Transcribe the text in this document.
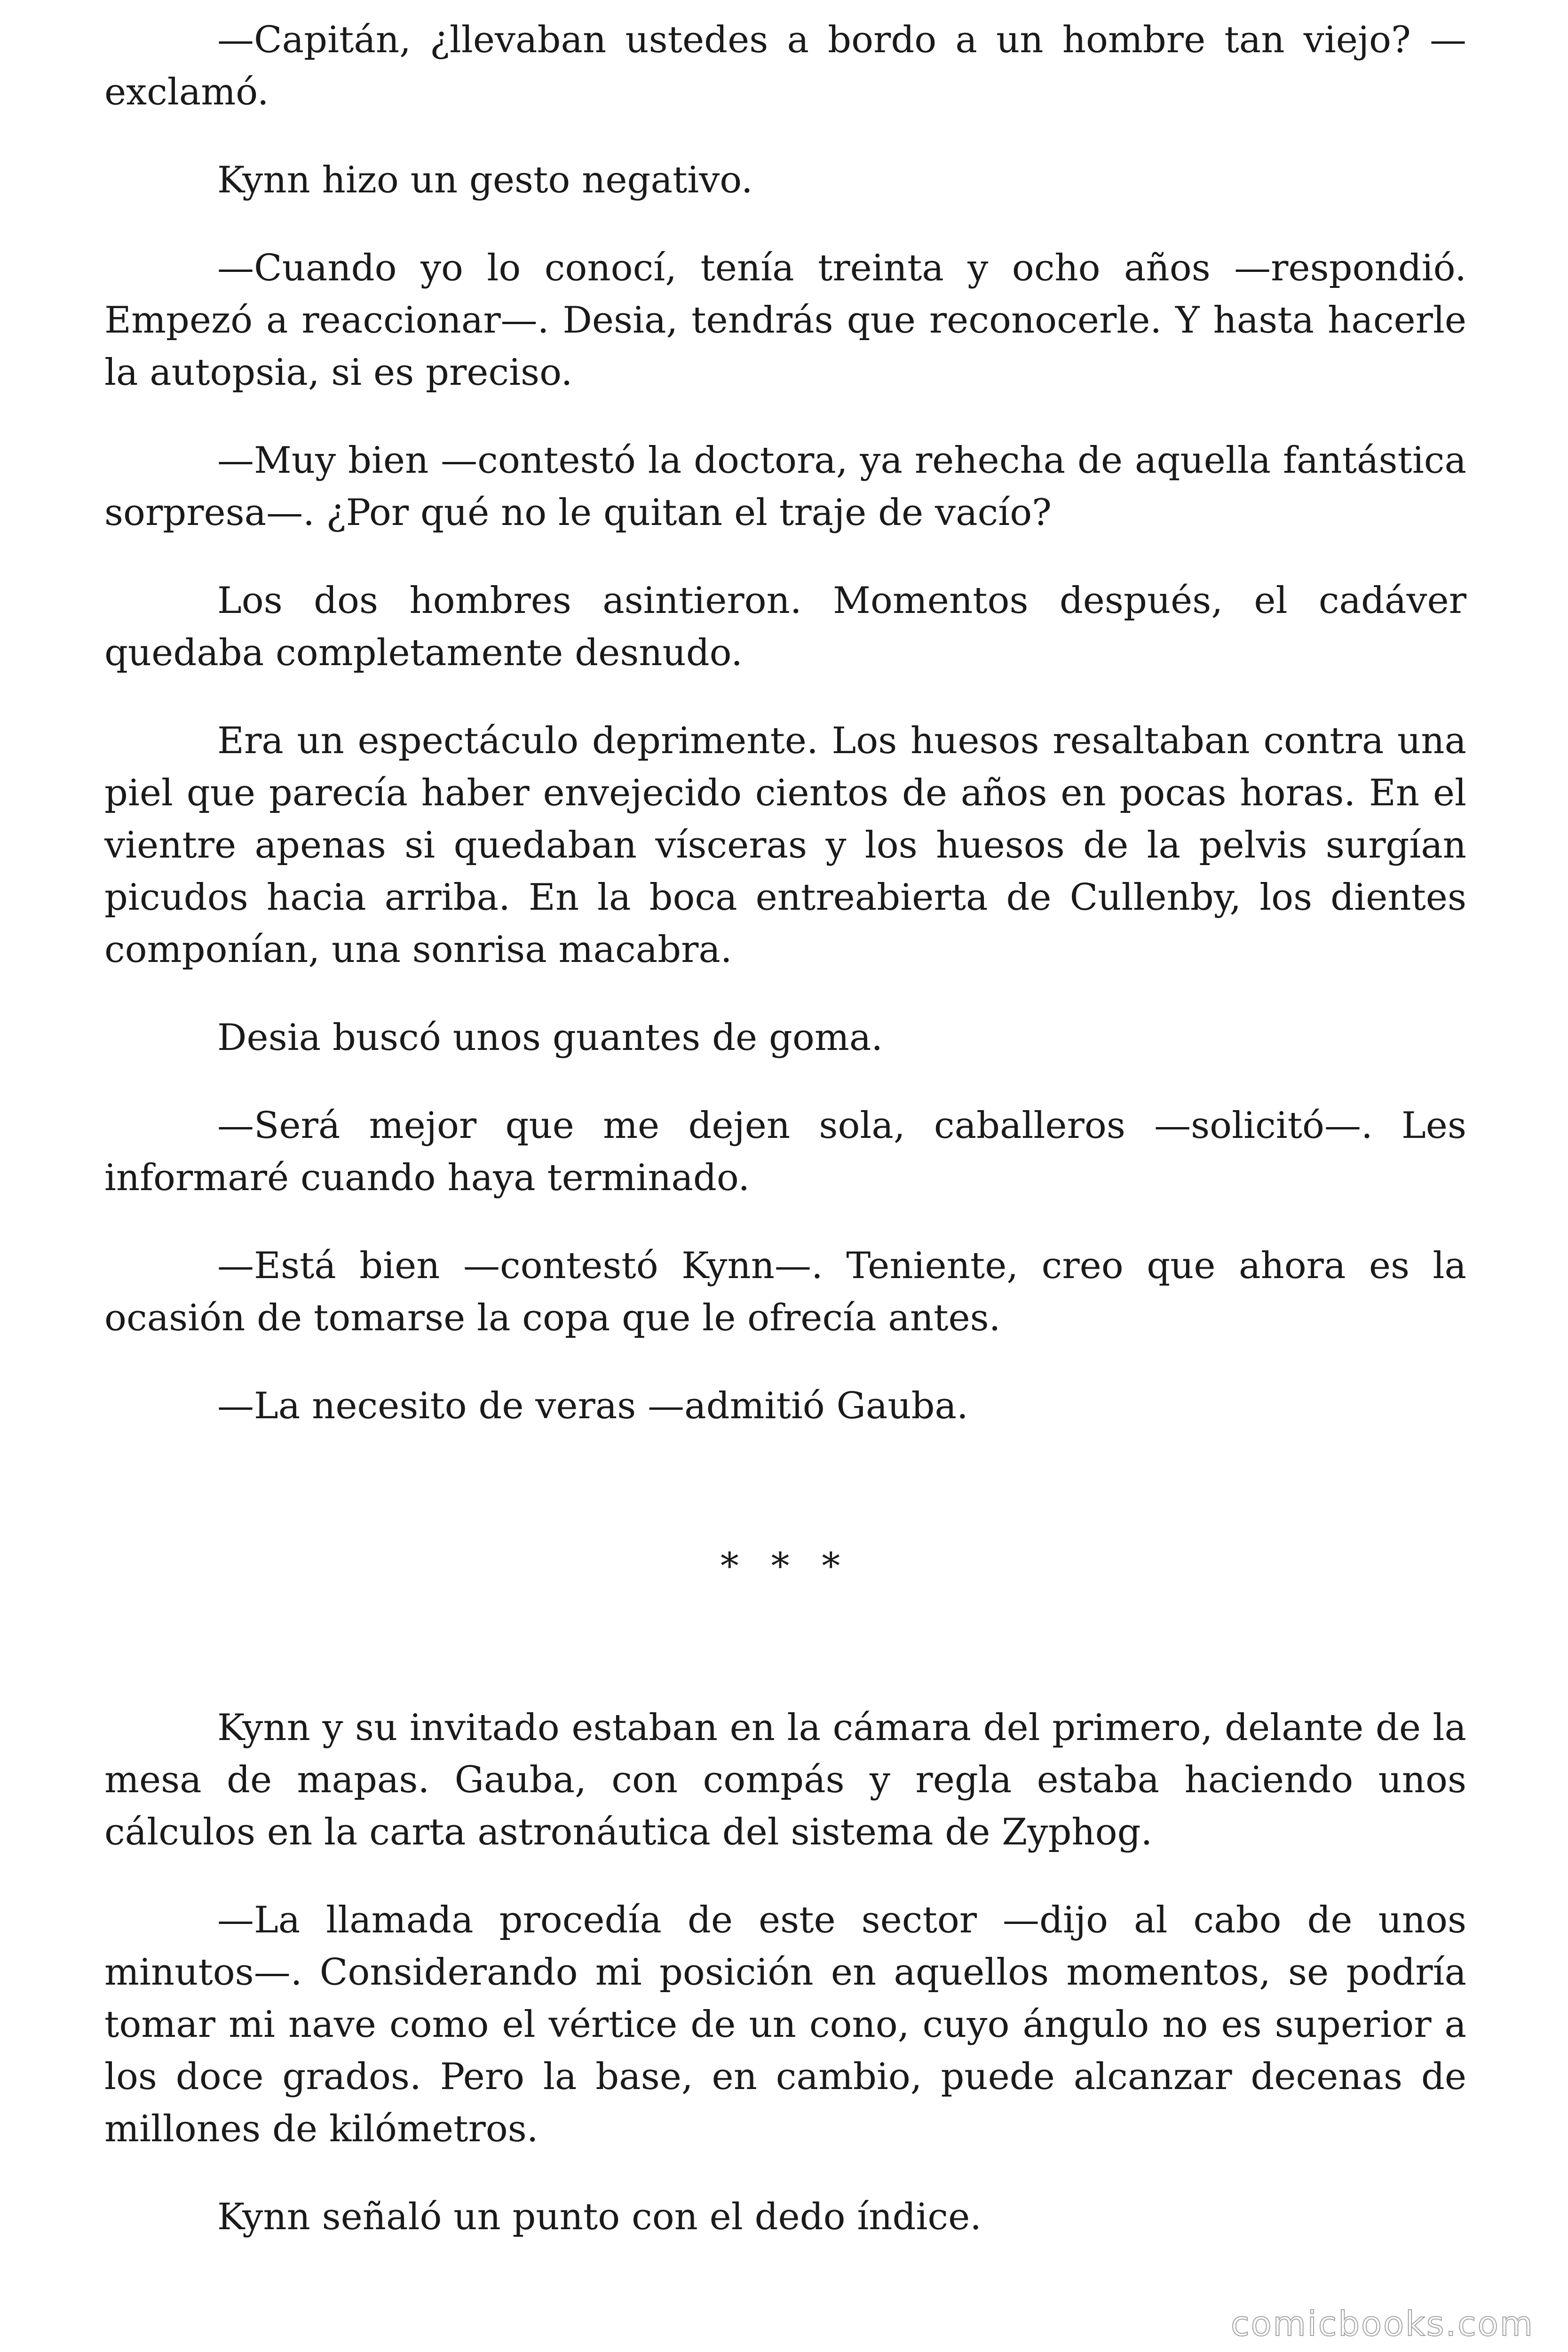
—Capitán, ¿llevaban ustedes a bordo a un hombre tan viejo? —exclamó.

Kynn hizo un gesto negativo.

—Cuando yo lo conocí, tenía treinta y ocho años —respondió. Empezó a reaccionar—. Desia, tendrás que reconocerle. Y hasta hacerle la autopsia, si es preciso.

—Muy bien —contestó la doctora, ya rehecha de aquella fantástica sorpresa—. ¿Por qué no le quitan el traje de vacío?

Los dos hombres asintieron. Momentos después, el cadáver quedaba completamente desnudo.

Era un espectáculo deprimente. Los huesos resaltaban contra una piel que parecía haber envejecido cientos de años en pocas horas. En el vientre apenas si quedaban vísceras y los huesos de la pelvis surgían picudos hacia arriba. En la boca entreabierta de Cullenby, los dientes componían, una sonrisa macabra.

Desia buscó unos guantes de goma.

—Será mejor que me dejen sola, caballeros —solicitó—. Les informaré cuando haya terminado.

—Está bien —contestó Kynn—. Teniente, creo que ahora es la ocasión de tomarse la copa que le ofrecía antes.

—La necesito de veras —admitió Gauba.

* * *

Kynn y su invitado estaban en la cámara del primero, delante de la mesa de mapas. Gauba, con compás y regla estaba haciendo unos cálculos en la carta astronáutica del sistema de Zyphog.

—La llamada procedía de este sector —dijo al cabo de unos minutos—. Considerando mi posición en aquellos momentos, se podría tomar mi nave como el vértice de un cono, cuyo ángulo no es superior a los doce grados. Pero la base, en cambio, puede alcanzar decenas de millones de kilómetros.

Kynn señaló un punto con el dedo índice.

comicbooks.com
